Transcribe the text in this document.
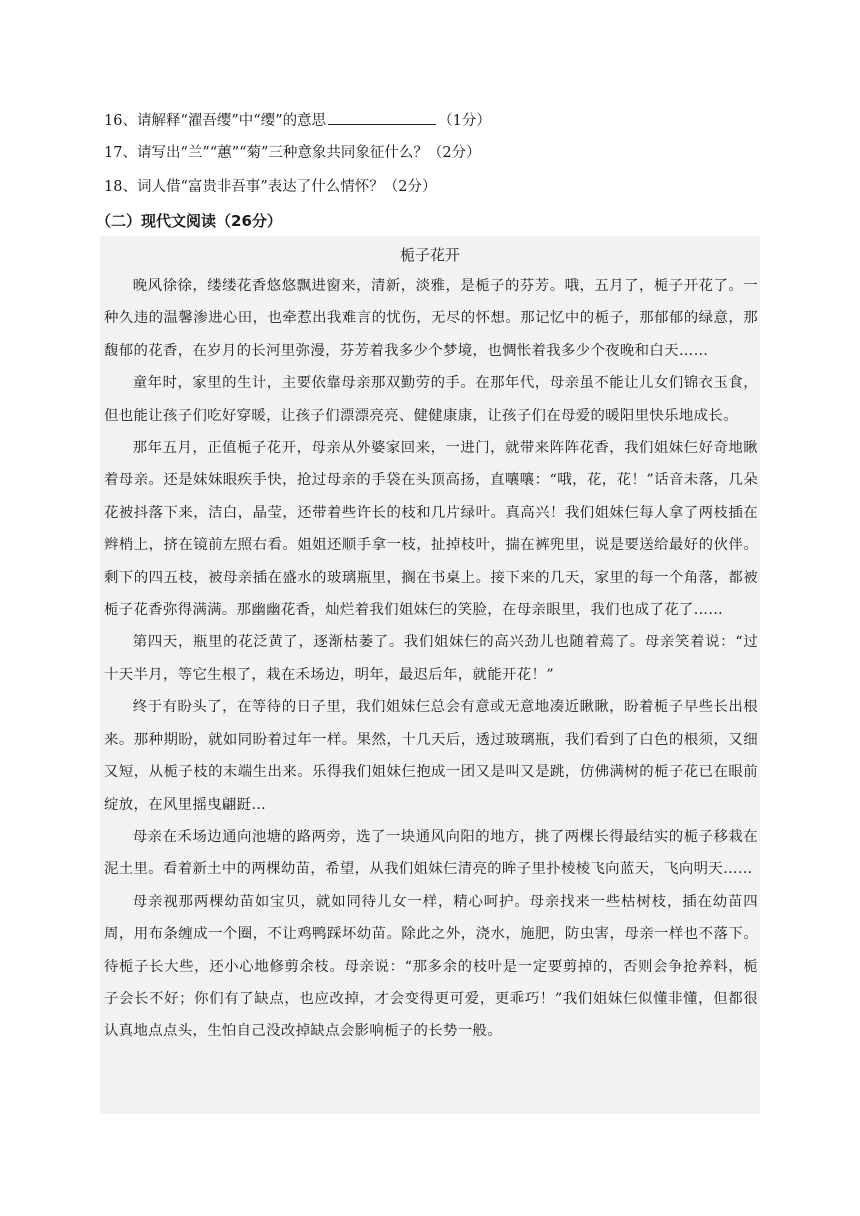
16、请解释“濯吾缨”中“缨”的意思	（1分）
17、请写出“兰”“蕙”“菊”三种意象共同象征什么？（2分）
18、词人借“富贵非吾事”表达了什么情怀？（2分）
（二）现代文阅读（26分）
栀子花开

晚风徐徐，缕缕花香悠悠飘进窗来，清新，淡雅，是栀子的芬芳。哦，五月了，栀子开花了。一种久违的温馨渗进心田，也牵惹出我难言的忧伤，无尽的怀想。那记忆中的栀子，那郁郁的绿意，那馥郁的花香，在岁月的长河里弥漫，芬芳着我多少个梦境，也惆怅着我多少个夜晚和白天……

童年时，家里的生计，主要依靠母亲那双勤劳的手。在那年代，母亲虽不能让儿女们锦衣玉食，但也能让孩子们吃好穿暖，让孩子们漂漂亮亮、健健康康，让孩子们在母爱的暖阳里快乐地成长。

那年五月，正值栀子花开，母亲从外婆家回来，一进门，就带来阵阵花香，我们姐妹仨好奇地瞅着母亲。还是妹妹眼疾手快，抢过母亲的手袋在头顶高扬，直嚷嚷：“哦，花，花！”话音未落，几朵花被抖落下来，洁白，晶莹，还带着些许长的枝和几片绿叶。真高兴！我们姐妹仨每人拿了两枝插在辫梢上，挤在镜前左照右看。姐姐还顺手拿一枝，扯掉枝叶，揣在裤兜里，说是要送给最好的伙伴。剩下的四五枝，被母亲插在盛水的玻璃瓶里，搁在书桌上。接下来的几天，家里的每一个角落，都被栀子花香弥得满满。那幽幽花香，灿烂着我们姐妹仨的笑脸，在母亲眼里，我们也成了花了……

第四天，瓶里的花泛黄了，逐渐枯萎了。我们姐妹仨的高兴劲儿也随着蔫了。母亲笑着说：“过十天半月，等它生根了，栽在禾场边，明年，最迟后年，就能开花！”

终于有盼头了，在等待的日子里，我们姐妹仨总会有意或无意地凑近瞅瞅，盼着栀子早些长出根来。那种期盼，就如同盼着过年一样。果然，十几天后，透过玻璃瓶，我们看到了白色的根须，又细又短，从栀子枝的末端生出来。乐得我们姐妹仨抱成一团又是叫又是跳，仿佛满树的栀子花已在眼前绽放，在风里摇曳翩跹…

母亲在禾场边通向池塘的路两旁，选了一块通风向阳的地方，挑了两棵长得最结实的栀子移栽在泥土里。看着新土中的两棵幼苗，希望，从我们姐妹仨清亮的眸子里扑棱棱飞向蓝天，飞向明天……

母亲视那两棵幼苗如宝贝，就如同待儿女一样，精心呵护。母亲找来一些枯树枝，插在幼苗四周，用布条缠成一个圈，不让鸡鸭踩坏幼苗。除此之外，浇水，施肥，防虫害，母亲一样也不落下。待栀子长大些，还小心地修剪余枝。母亲说：“那多余的枝叶是一定要剪掉的，否则会争抢养料，栀子会长不好；你们有了缺点，也应改掉，才会变得更可爱，更乖巧！”我们姐妹仨似懂非懂，但都很认真地点点头，生怕自己没改掉缺点会影响栀子的长势一般。
